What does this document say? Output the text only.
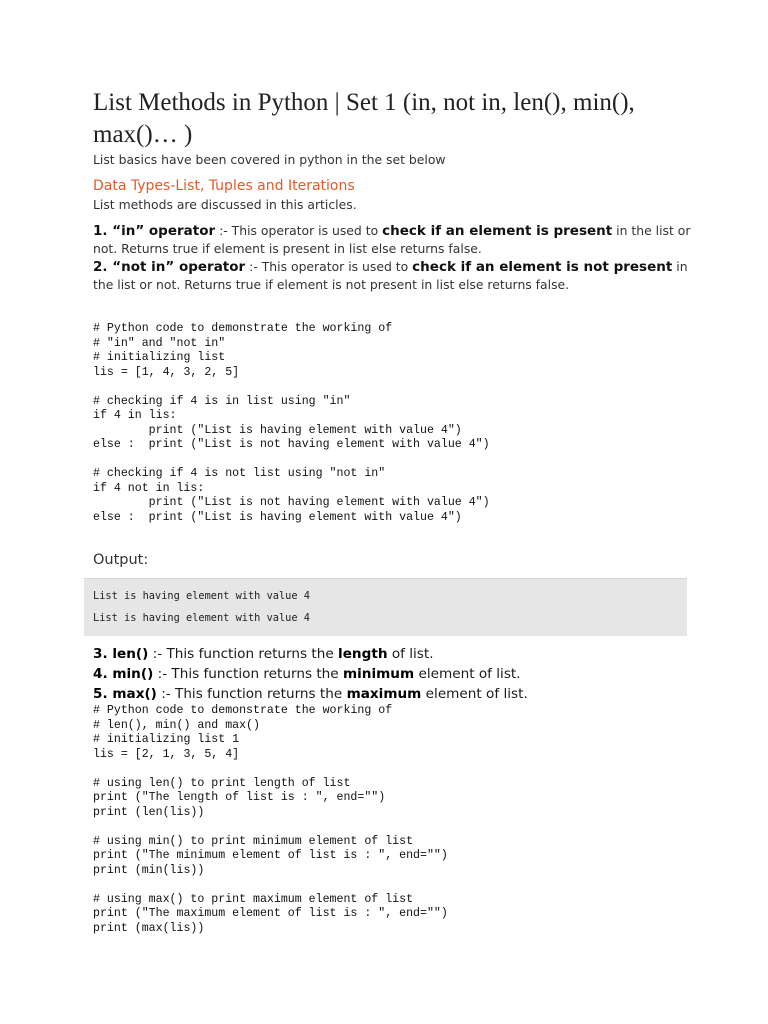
List Methods in Python | Set 1 (in, not in, len(), min(), max()… )
List basics have been covered in python in the set below
Data Types-List, Tuples and Iterations
List methods are discussed in this articles.
1. “in” operator :- This operator is used to check if an element is present in the list or not. Returns true if element is present in list else returns false.
2. “not in” operator :- This operator is used to check if an element is not present in the list or not. Returns true if element is not present in list else returns false.
# Python code to demonstrate the working of
# "in" and "not in"
# initializing list
lis = [1, 4, 3, 2, 5]

# checking if 4 is in list using "in"
if 4 in lis:
print ("List is having element with value 4")
else :  print ("List is not having element with value 4")

# checking if 4 is not list using "not in"
if 4 not in lis:
print ("List is not having element with value 4")
else :  print ("List is having element with value 4")
Output:
List is having element with value 4
List is having element with value 4
3. len() :- This function returns the length of list.
4. min() :- This function returns the minimum element of list.
5. max() :- This function returns the maximum element of list.
# Python code to demonstrate the working of
# len(), min() and max()
# initializing list 1
lis = [2, 1, 3, 5, 4]

# using len() to print length of list
print ("The length of list is : ", end="")
print (len(lis))

# using min() to print minimum element of list
print ("The minimum element of list is : ", end="")
print (min(lis))

# using max() to print maximum element of list
print ("The maximum element of list is : ", end="")
print (max(lis))
